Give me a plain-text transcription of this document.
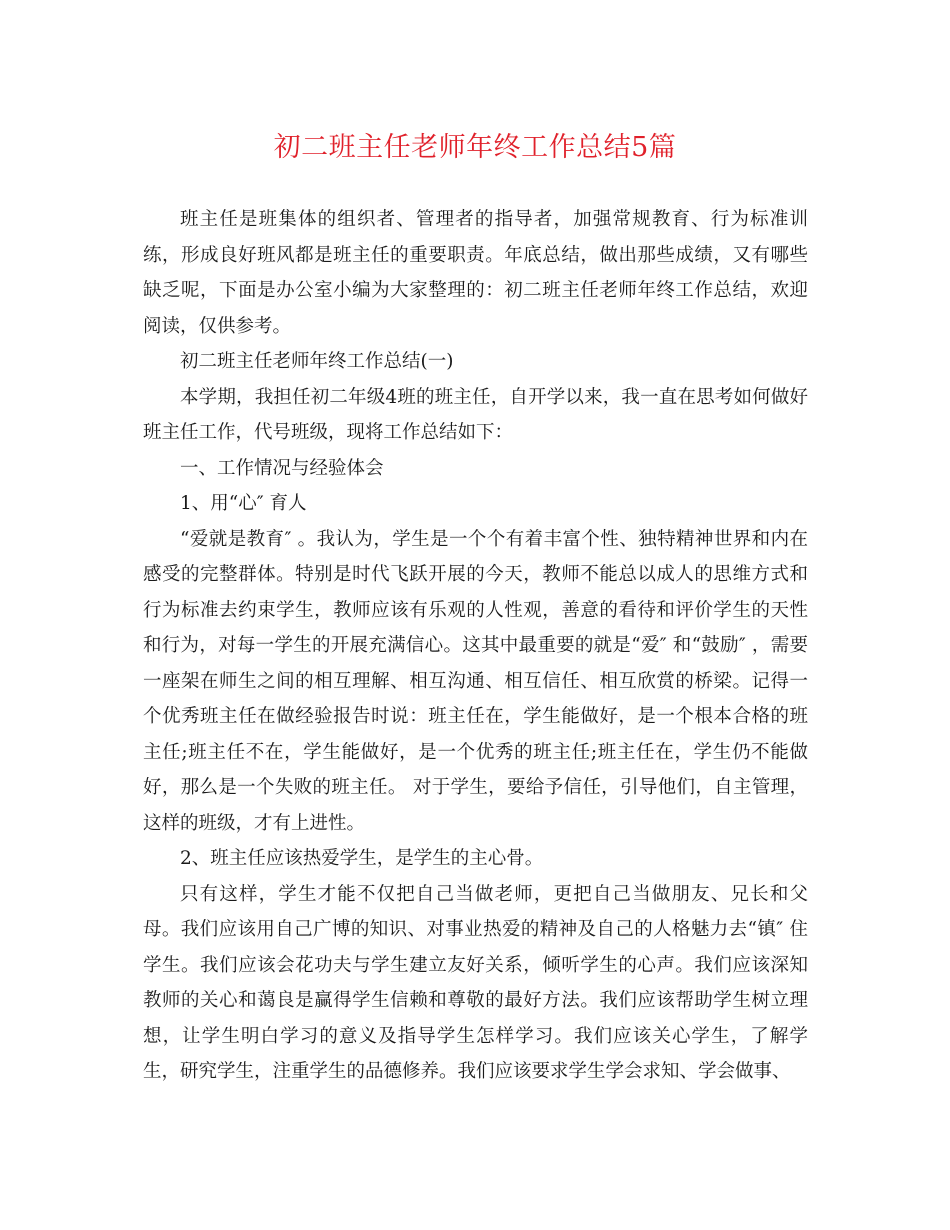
初二班主任老师年终工作总结5篇

班主任是班集体的组织者、管理者的指导者，加强常规教育、行为标准训练，形成良好班风都是班主任的重要职责。年底总结，做出那些成绩，又有哪些缺乏呢，下面是办公室小编为大家整理的：初二班主任老师年终工作总结，欢迎阅读，仅供参考。

初二班主任老师年终工作总结(一)

本学期，我担任初二年级4班的班主任，自开学以来，我一直在思考如何做好班主任工作，代号班级，现将工作总结如下：

一、工作情况与经验体会

1、用“心″ 育人

“爱就是教育″ 。我认为，学生是一个个有着丰富个性、独特精神世界和内在感受的完整群体。特别是时代飞跃开展的今天，教师不能总以成人的思维方式和行为标准去约束学生，教师应该有乐观的人性观，善意的看待和评价学生的天性和行为，对每一学生的开展充满信心。这其中最重要的就是“爱″ 和“鼓励″ ，需要一座架在师生之间的相互理解、相互沟通、相互信任、相互欣赏的桥梁。记得一个优秀班主任在做经验报告时说：班主任在，学生能做好，是一个根本合格的班主任;班主任不在，学生能做好，是一个优秀的班主任;班主任在，学生仍不能做好，那么是一个失败的班主任。 对于学生，要给予信任，引导他们，自主管理，这样的班级，才有上进性。

2、班主任应该热爱学生，是学生的主心骨。

只有这样，学生才能不仅把自己当做老师，更把自己当做朋友、兄长和父母。我们应该用自己广博的知识、对事业热爱的精神及自己的人格魅力去“镇″ 住学生。我们应该会花功夫与学生建立友好关系，倾听学生的心声。我们应该深知教师的关心和蔼良是赢得学生信赖和尊敬的最好方法。我们应该帮助学生树立理想，让学生明白学习的意义及指导学生怎样学习。我们应该关心学生，了解学生，研究学生，注重学生的品德修养。我们应该要求学生学会求知、学会做事、
